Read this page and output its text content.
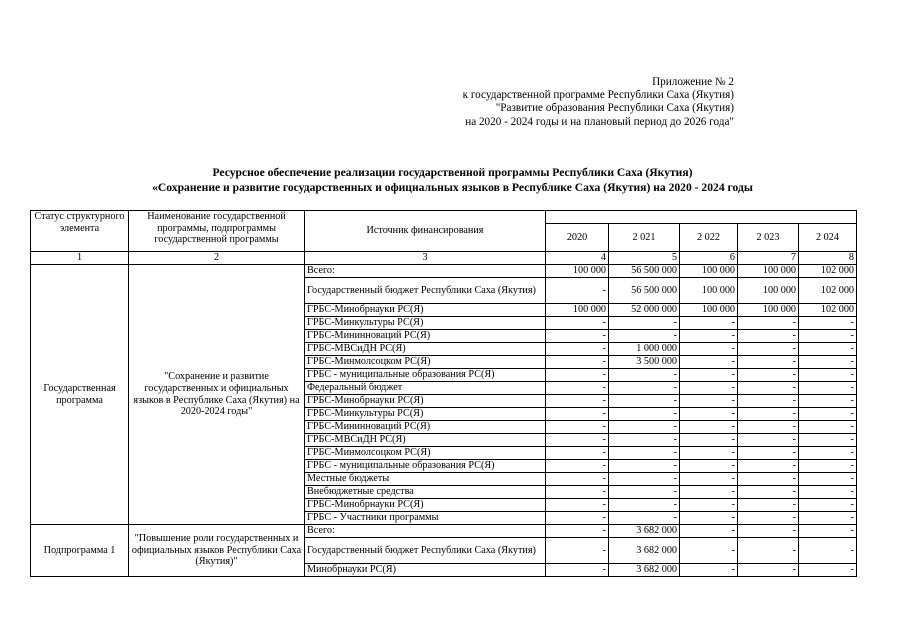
Приложение № 2
к государственной программе Республики Саха (Якутия)
"Развитие образования Республики Саха (Якутия)
на 2020 - 2024 годы и на плановый период до 2026 года"
Ресурсное обеспечение реализации государственной программы Республики Саха (Якутия)
«Сохранение и развитие государственных и официальных языков в Республике Саха (Якутия) на 2020 - 2024 годы
Статус структурного элемента	Наименование государственной программы, подпрограммы государственной программы	Источник финансирования					
			2020	2 021	2 022	2 023	2 024
1	2	3	4	5	6	7	8
Государственная программа	"Сохранение и развитие государственных и официальных языков в Республике Саха (Якутия) на 2020-2024 годы"	Всего:	100 000	56 500 000	100 000	100 000	102 000
		Государственный бюджет Республики Саха (Якутия)	-	56 500 000	100 000	100 000	102 000
		ГРБС-Минобрнауки РС(Я)	100 000	52 000 000	100 000	100 000	102 000
		ГРБС-Минкультуры РС(Я)	-	-	-	-	-
		ГРБС-Мининноваций РС(Я)	-	-	-	-	-
		ГРБС-МВСиДН РС(Я)	-	1 000 000	-	-	-
		ГРБС-Минмолсоцком РС(Я)	-	3 500 000	-	-	-
		ГРБС - муниципальные образования РС(Я)	-	-	-	-	-
		Федеральный бюджет	-	-	-	-	-
		ГРБС-Минобрнауки РС(Я)	-	-	-	-	-
		ГРБС-Минкультуры РС(Я)	-	-	-	-	-
		ГРБС-Мининноваций РС(Я)	-	-	-	-	-
		ГРБС-МВСиДН РС(Я)	-	-	-	-	-
		ГРБС-Минмолсоцком РС(Я)	-	-	-	-	-
		ГРБС - муниципальные образования РС(Я)	-	-	-	-	-
		Местные бюджеты	-	-	-	-	-
		Внебюджетные средства	-	-	-	-	-
		ГРБС-Минобрнауки РС(Я)	-	-	-	-	-
		ГРБС - Участники программы	-	-	-	-	-
Подпрограмма 1	"Повышение роли государственных и официальных языков Республики Саха (Якутия)"	Всего:	-	3 682 000	-	-	-
		Государственный бюджет Республики Саха (Якутия)	-	3 682 000	-	-	-
		Минобрнауки РС(Я)	-	3 682 000	-	-	-
